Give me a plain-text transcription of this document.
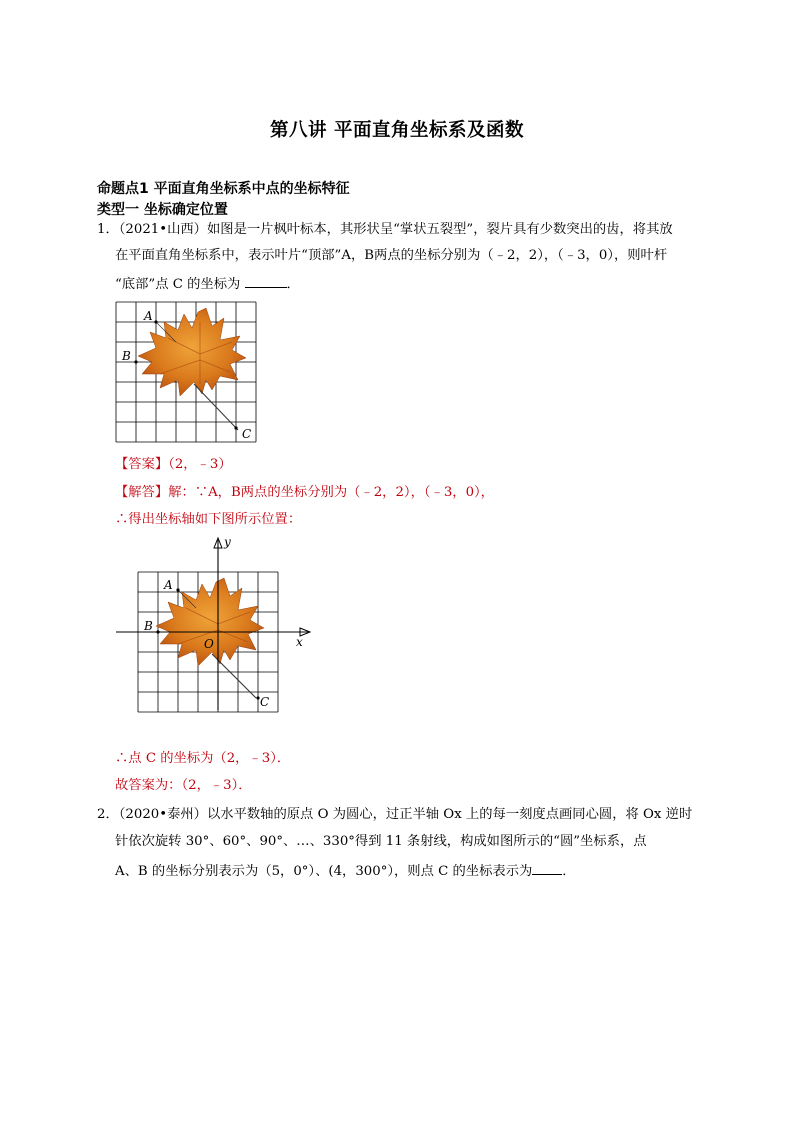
第八讲 平面直角坐标系及函数
命题点1 平面直角坐标系中点的坐标特征
类型一 坐标确定位置
1．（2021•山西）如图是一片枫叶标本，其形状呈“掌状五裂型”，裂片具有少数突出的齿，将其放
在平面直角坐标系中，表示叶片“顶部”A，B两点的坐标分别为（﹣2，2），（﹣3，0），则叶杆
“底部”点 C 的坐标为	．
A
B
C
【答案】（2，﹣3）
【解答】解：∵A，B两点的坐标分别为（﹣2，2），（﹣3，0），
∴得出坐标轴如下图所示位置：
A
B
C
O	x
y
∴点 C 的坐标为（2，﹣3）．
故答案为：（2，﹣3）．
2．（2020•泰州）以水平数轴的原点 O 为圆心，过正半轴 Ox 上的每一刻度点画同心圆，将 Ox 逆时
针依次旋转 30°、60°、90°、…、330°得到 11 条射线，构成如图所示的“圆”坐标系，点
A、B 的坐标分别表示为（5，0°）、(4，300°），则点 C 的坐标表示为 ．
